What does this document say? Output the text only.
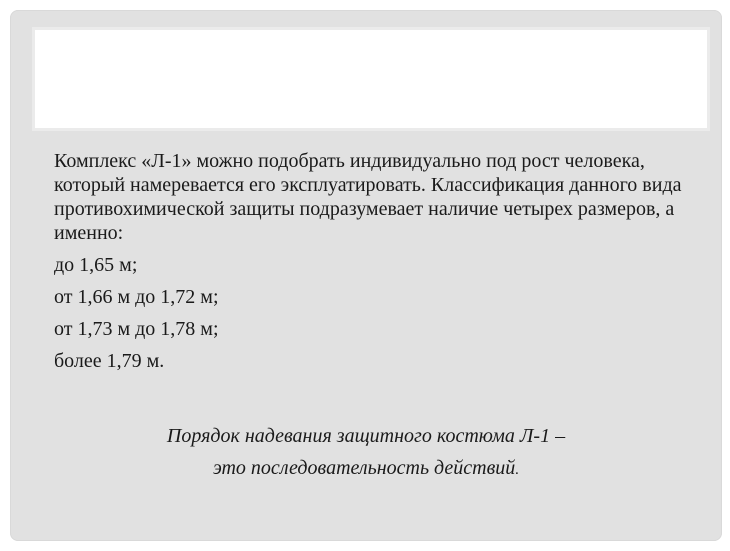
Комплекс «Л-1» можно подобрать индивидуально под рост человека, который намеревается его эксплуатировать. Классификация данного вида противохимической защиты подразумевает наличие четырех размеров, а именно:

до 1,65 м;

от 1,66 м до 1,72 м;

от 1,73 м до 1,78 м;

более 1,79 м.

Порядок надевания защитного костюма Л-1 –
это последовательность действий.
